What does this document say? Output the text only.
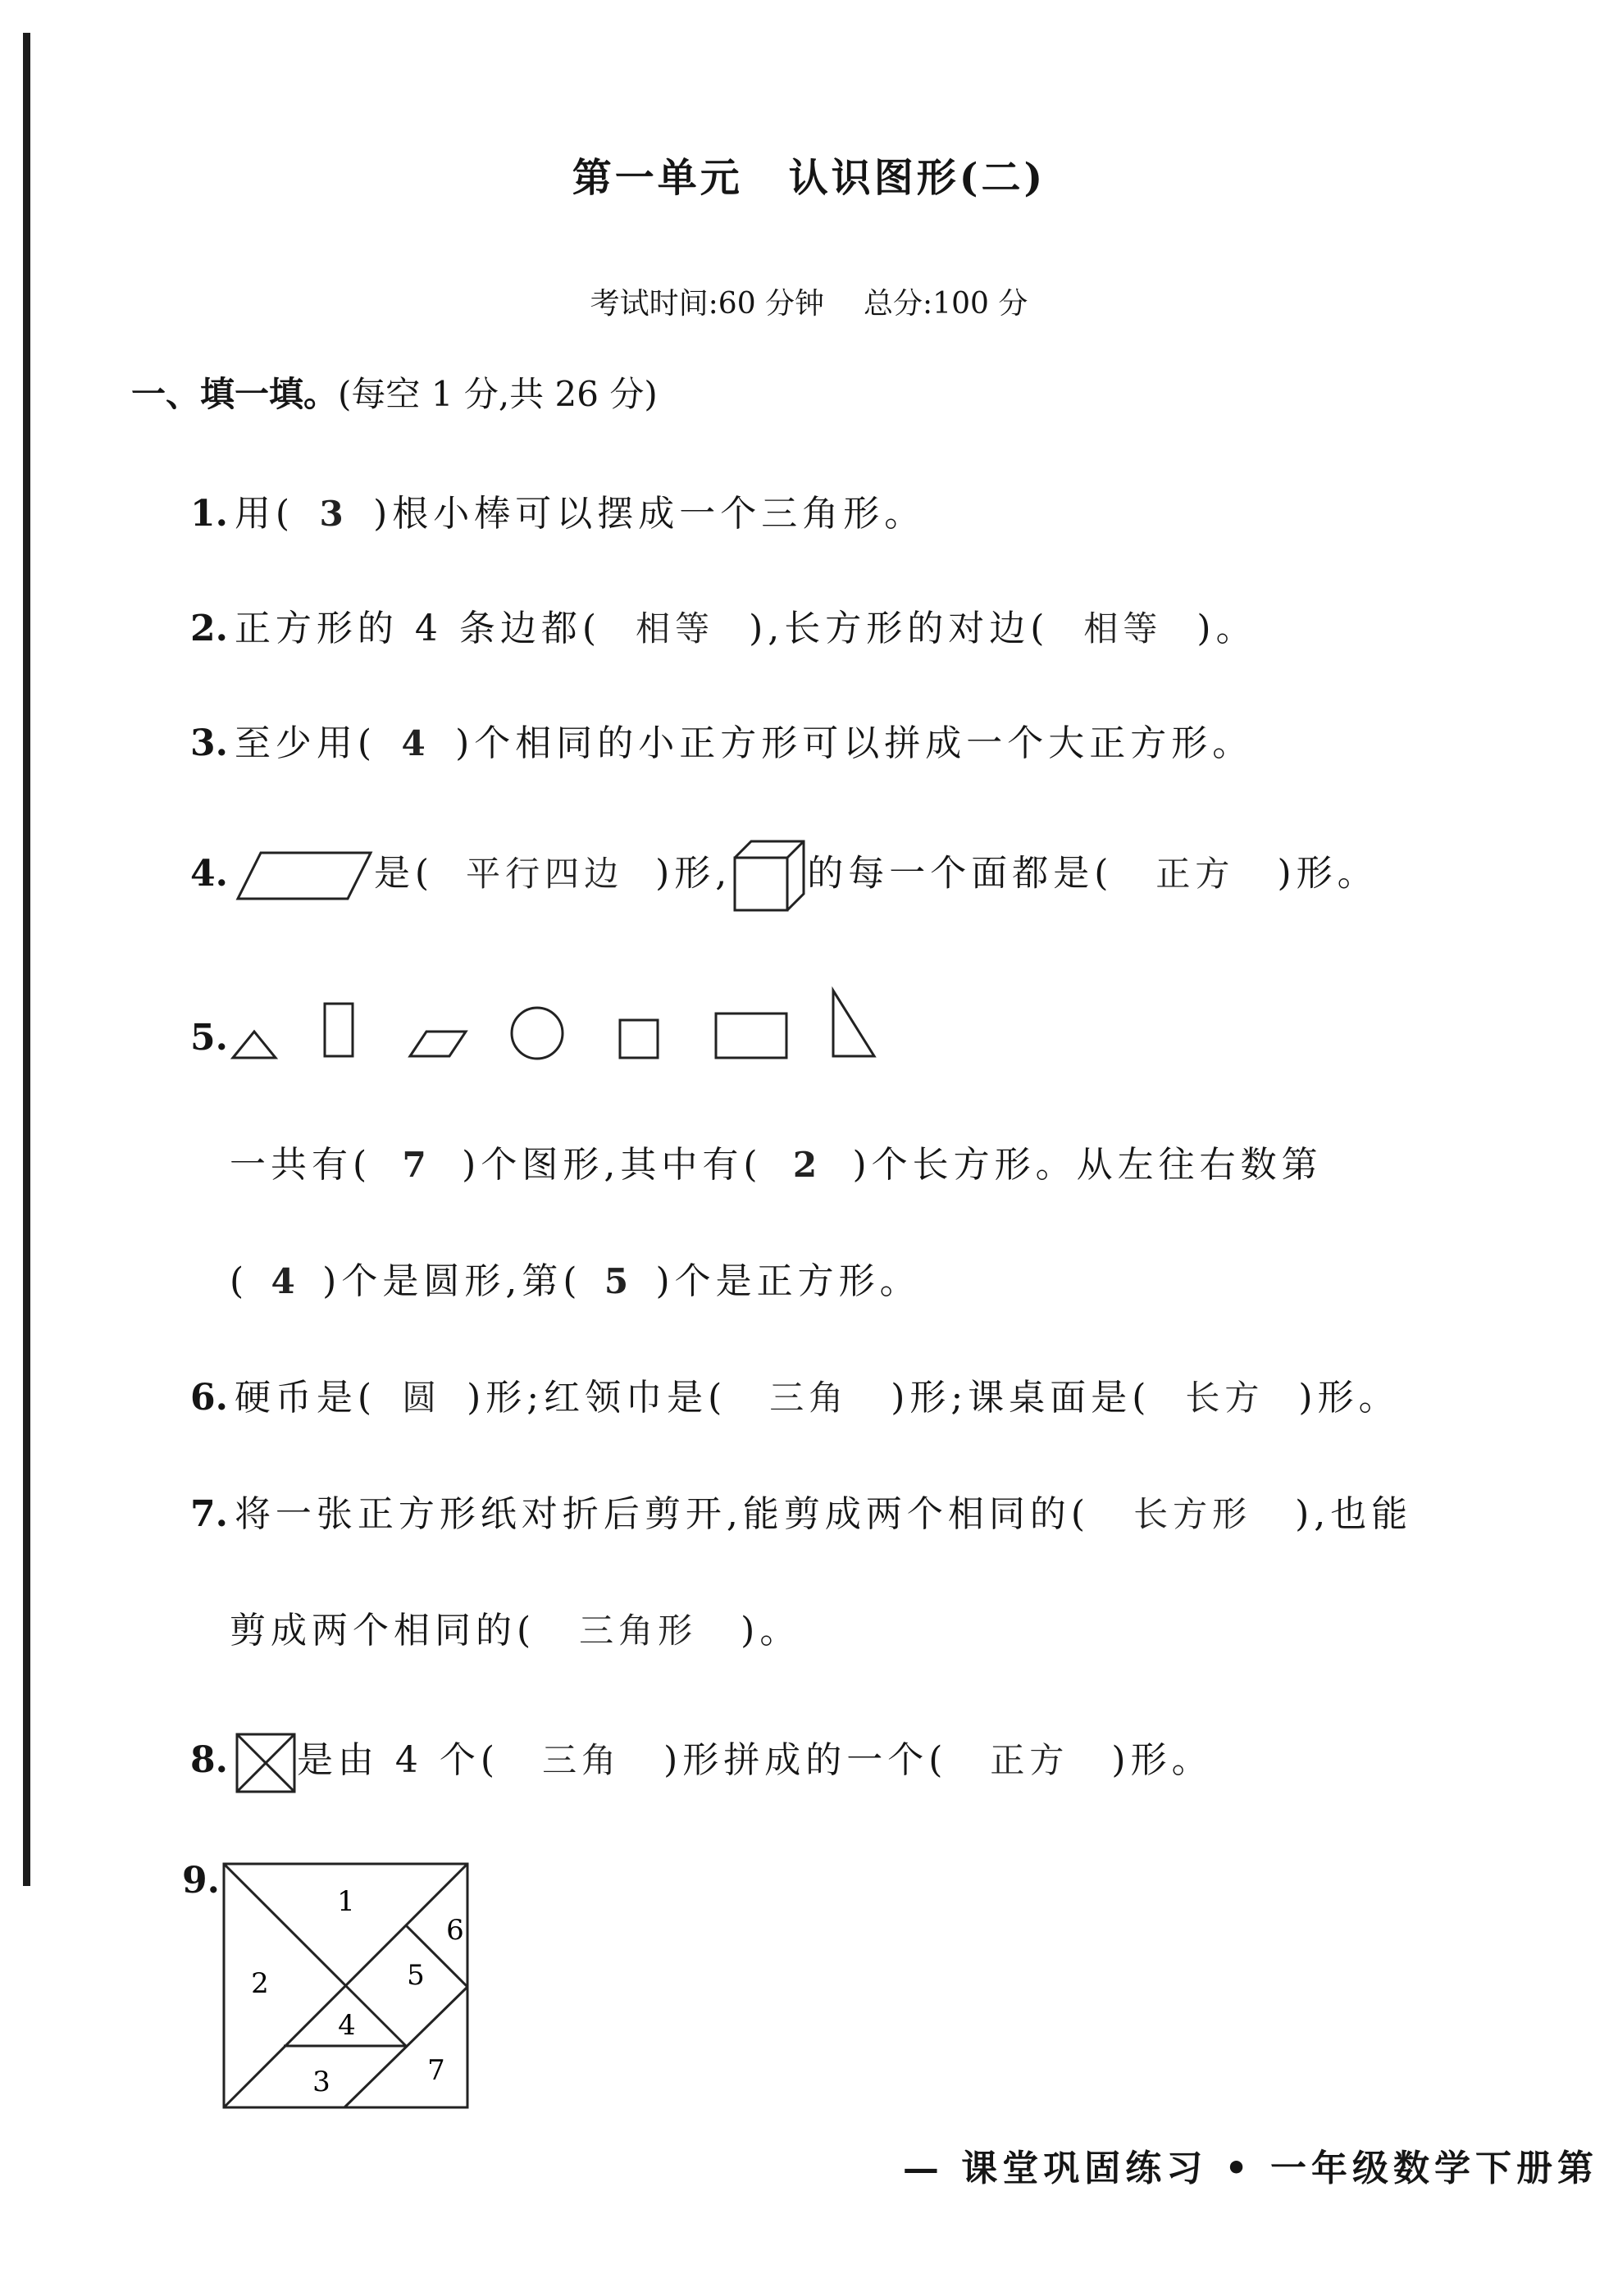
第一单元 认识图形(二)
考试时间:60 分钟 总分:100 分
一、填一填。(每空 1 分,共 26 分)
1. 用( 3 )根小棒可以摆成一个三角形。
2. 正方形的 4 条边都( 相等 ),长方形的对边( 相等 )。
3. 至少用( 4 )个相同的小正方形可以拼成一个大正方形。
4.	是( 平行四边 )形, 的每一个面都是( 正方 )形。
5.
一共有( 7 )个图形,其中有( 2 )个长方形。从左往右数第
( 4 )个是圆形,第( 5 )个是正方形。
6. 硬币是( 圆 )形;红领巾是( 三角 )形;课桌面是( 长方 )形。
7. 将一张正方形纸对折后剪开,能剪成两个相同的( 长方形 ),也能
剪成两个相同的( 三角形 )。
8. 是由 4 个( 三角 )形拼成的一个( 正方 )形。
9.	1
2
3
4
5
6
7
— 课堂巩固练习 • 一年级数学下册第
